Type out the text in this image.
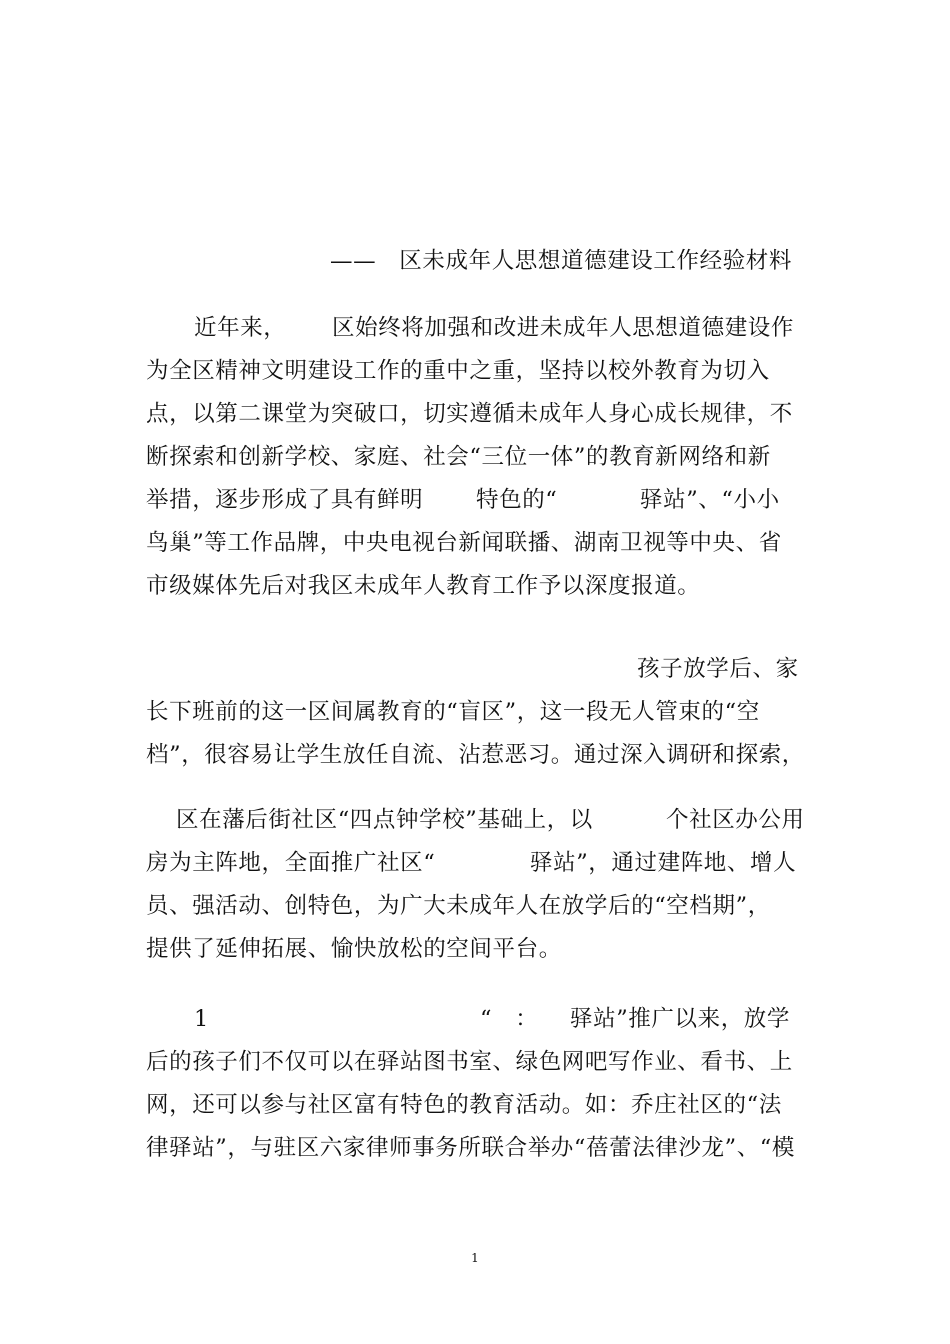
——　区未成年人思想道德建设工作经验材料
近年来， 区始终将加强和改进未成年人思想道德建设作
为全区精神文明建设工作的重中之重，坚持以校外教育为切入
点，以第二课堂为突破口，切实遵循未成年人身心成长规律，不
断探索和创新学校、家庭、社会“三位一体”的教育新网络和新
举措，逐步形成了具有鲜明 特色的“	驿站”、“小小
鸟巢”等工作品牌，中央电视台新闻联播、湖南卫视等中央、省
市级媒体先后对我区未成年人教育工作予以深度报道。
孩子放学后、家
长下班前的这一区间属教育的“盲区”，这一段无人管束的“空
档”，很容易让学生放任自流、沾惹恶习。通过深入调研和探索，
区在藩后街社区“四点钟学校”基础上，以	个社区办公用
房为主阵地，全面推广社区“	驿站”，通过建阵地、增人
员、强活动、创特色，为广大未成年人在放学后的“空档期”，
提供了延伸拓展、愉快放松的空间平台。
1	“　： 驿站”推广以来，放学
后的孩子们不仅可以在驿站图书室、绿色网吧写作业、看书、上
网，还可以参与社区富有特色的教育活动。如：乔庄社区的“法
律驿站”，与驻区六家律师事务所联合举办“蓓蕾法律沙龙”、“模
1
